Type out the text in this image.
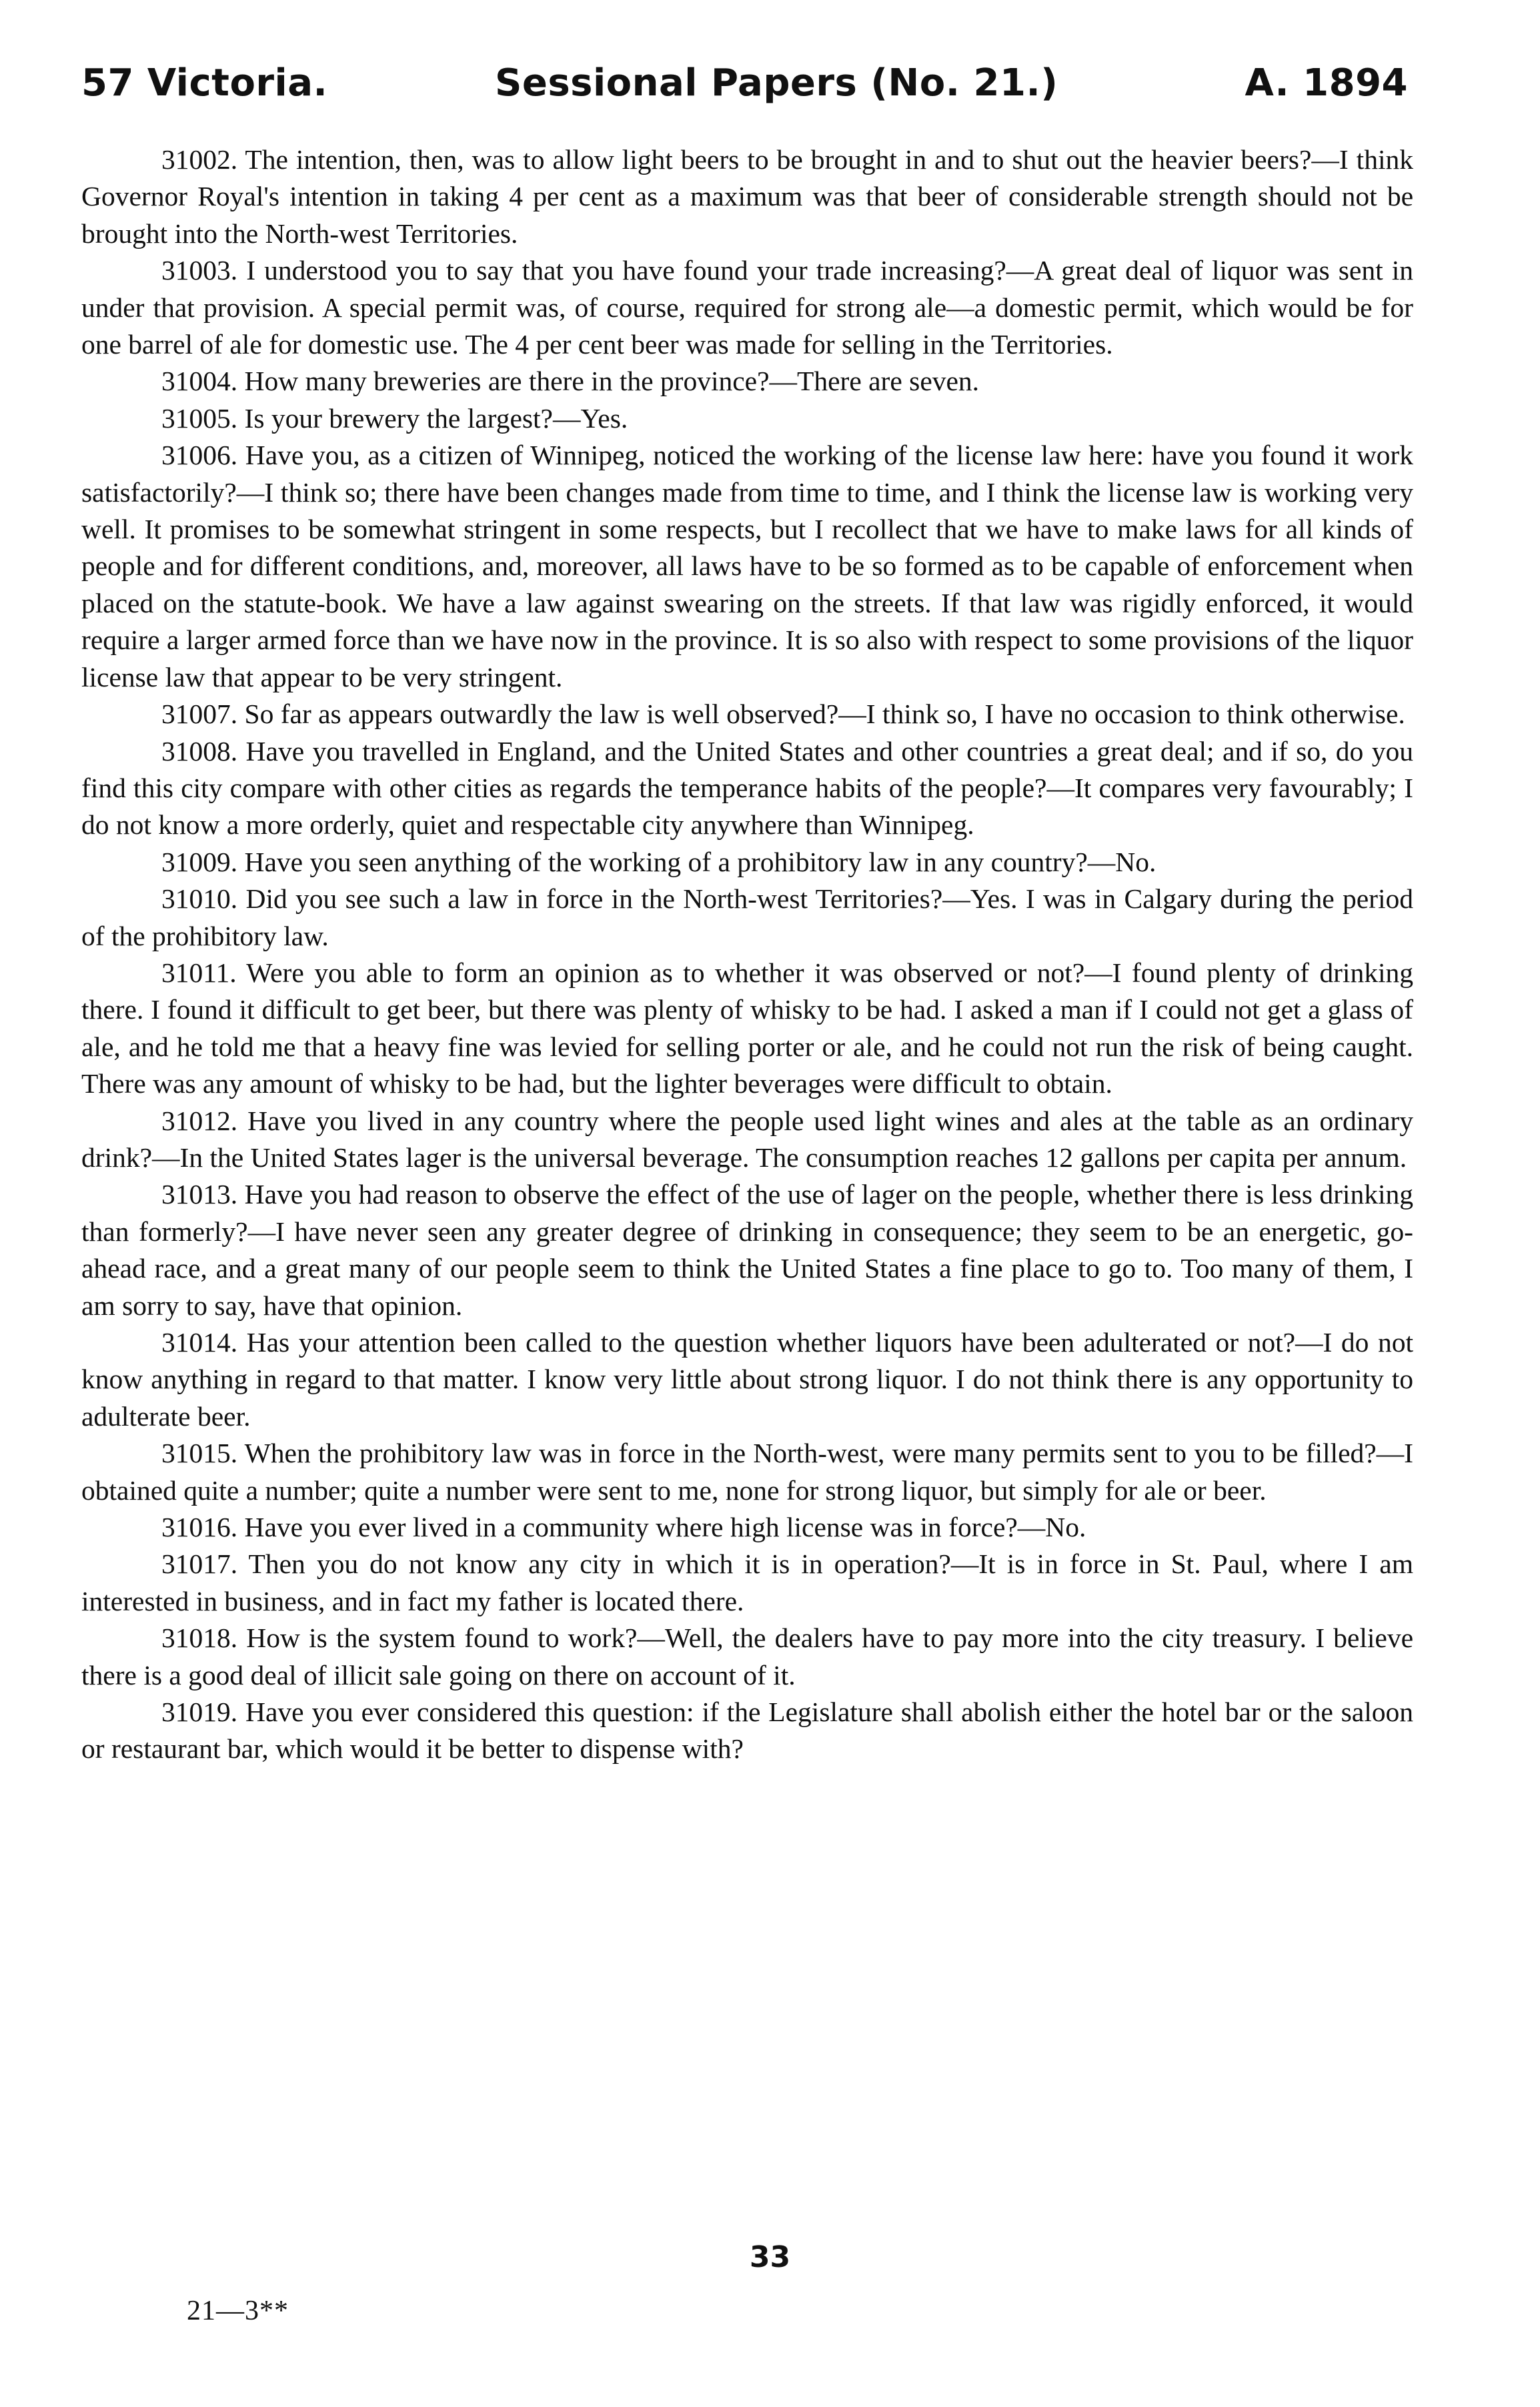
57 Victoria.	Sessional Papers (No. 21.)	A. 1894

31002. The intention, then, was to allow light beers to be brought in and to shut out the heavier beers?—I think Governor Royal's intention in taking 4 per cent as a maximum was that beer of considerable strength should not be brought into the North-west Territories.

31003. I understood you to say that you have found your trade increasing?—A great deal of liquor was sent in under that provision. A special permit was, of course, required for strong ale—a domestic permit, which would be for one barrel of ale for domestic use. The 4 per cent beer was made for selling in the Territories.

31004. How many breweries are there in the province?—There are seven.

31005. Is your brewery the largest?—Yes.

31006. Have you, as a citizen of Winnipeg, noticed the working of the license law here: have you found it work satisfactorily?—I think so; there have been changes made from time to time, and I think the license law is working very well. It promises to be somewhat stringent in some respects, but I recollect that we have to make laws for all kinds of people and for different conditions, and, moreover, all laws have to be so formed as to be capable of enforcement when placed on the statute-book. We have a law against swearing on the streets. If that law was rigidly enforced, it would require a larger armed force than we have now in the province. It is so also with respect to some provisions of the liquor license law that appear to be very stringent.

31007. So far as appears outwardly the law is well observed?—I think so, I have no occasion to think otherwise.

31008. Have you travelled in England, and the United States and other countries a great deal; and if so, do you find this city compare with other cities as regards the temperance habits of the people?—It compares very favourably; I do not know a more orderly, quiet and respectable city anywhere than Winnipeg.

31009. Have you seen anything of the working of a prohibitory law in any country?—No.

31010. Did you see such a law in force in the North-west Territories?—Yes. I was in Calgary during the period of the prohibitory law.

31011. Were you able to form an opinion as to whether it was observed or not?—I found plenty of drinking there. I found it difficult to get beer, but there was plenty of whisky to be had. I asked a man if I could not get a glass of ale, and he told me that a heavy fine was levied for selling porter or ale, and he could not run the risk of being caught. There was any amount of whisky to be had, but the lighter beverages were difficult to obtain.

31012. Have you lived in any country where the people used light wines and ales at the table as an ordinary drink?—In the United States lager is the universal beverage. The consumption reaches 12 gallons per capita per annum.

31013. Have you had reason to observe the effect of the use of lager on the people, whether there is less drinking than formerly?—I have never seen any greater degree of drinking in consequence; they seem to be an energetic, go-ahead race, and a great many of our people seem to think the United States a fine place to go to. Too many of them, I am sorry to say, have that opinion.

31014. Has your attention been called to the question whether liquors have been adulterated or not?—I do not know anything in regard to that matter. I know very little about strong liquor. I do not think there is any opportunity to adulterate beer.

31015. When the prohibitory law was in force in the North-west, were many permits sent to you to be filled?—I obtained quite a number; quite a number were sent to me, none for strong liquor, but simply for ale or beer.

31016. Have you ever lived in a community where high license was in force?—No.

31017. Then you do not know any city in which it is in operation?—It is in force in St. Paul, where I am interested in business, and in fact my father is located there.

31018. How is the system found to work?—Well, the dealers have to pay more into the city treasury. I believe there is a good deal of illicit sale going on there on account of it.

31019. Have you ever considered this question: if the Legislature shall abolish either the hotel bar or the saloon or restaurant bar, which would it be better to dispense with?

33
21—3**
